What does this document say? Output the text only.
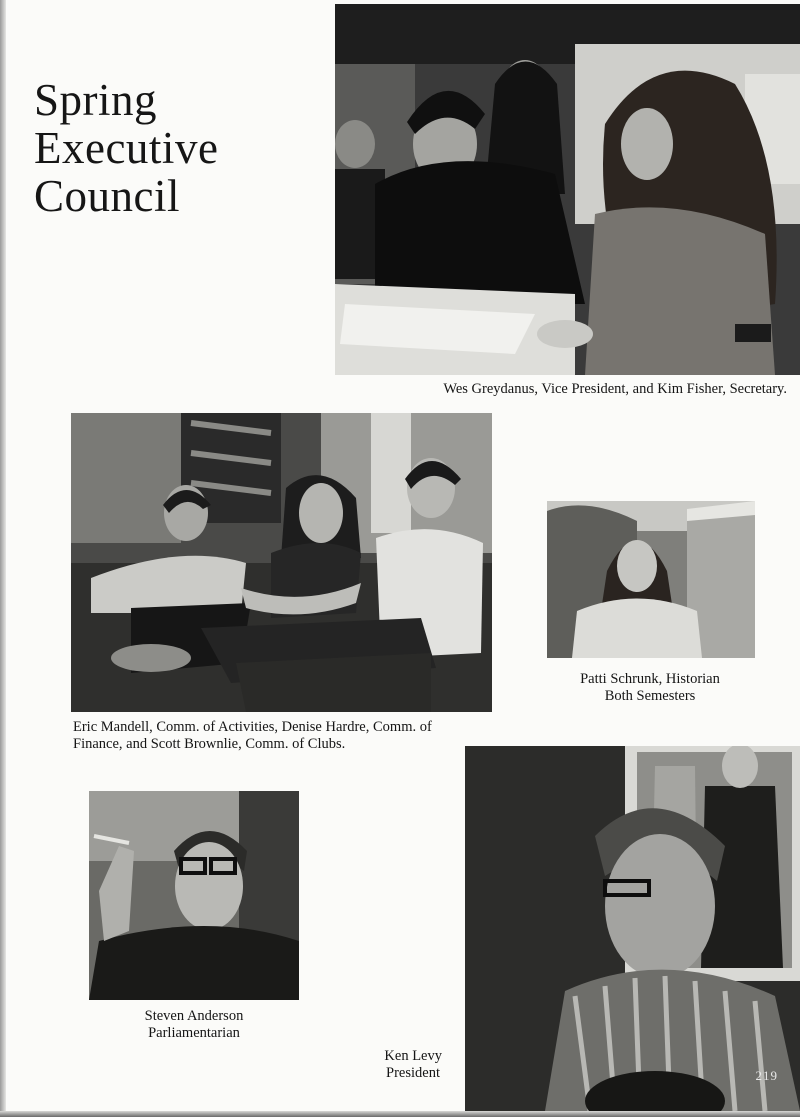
Spring
Executive
Council
Wes Greydanus, Vice President, and Kim Fisher, Secretary.
Eric Mandell, Comm. of Activities, Denise Hardre, Comm. of Finance, and Scott Brownlie, Comm. of Clubs.
Patti Schrunk, Historian
Both Semesters
Steven Anderson
Parliamentarian
Ken Levy
President	219
